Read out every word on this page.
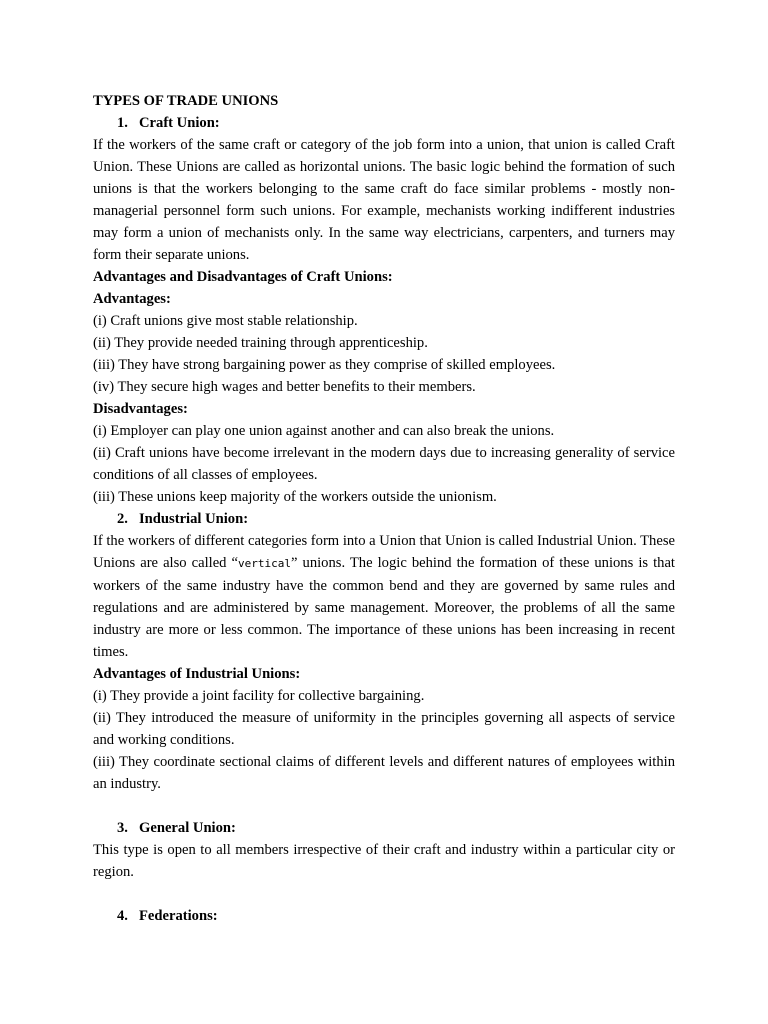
TYPES OF TRADE UNIONS

1. Craft Union:

If the workers of the same craft or category of the job form into a union, that union is called Craft Union. These Unions are called as horizontal unions. The basic logic behind the formation of such unions is that the workers belonging to the same craft do face similar problems - mostly non-managerial personnel form such unions. For example, mechanists working indifferent industries may form a union of mechanists only. In the same way electricians, carpenters, and turners may form their separate unions.

Advantages and Disadvantages of Craft Unions:

Advantages:

(i) Craft unions give most stable relationship.

(ii) They provide needed training through apprenticeship.

(iii) They have strong bargaining power as they comprise of skilled employees.

(iv) They secure high wages and better benefits to their members.

Disadvantages:

(i) Employer can play one union against another and can also break the unions.

(ii) Craft unions have become irrelevant in the modern days due to increasing generality of service conditions of all classes of employees.

(iii) These unions keep majority of the workers outside the unionism.

2. Industrial Union:

If the workers of different categories form into a Union that Union is called Industrial Union. These Unions are also called “vertical” unions. The logic behind the formation of these unions is that workers of the same industry have the common bend and they are governed by same rules and regulations and are administered by same management. Moreover, the problems of all the same industry are more or less common. The importance of these unions has been increasing in recent times.

Advantages of Industrial Unions:

(i) They provide a joint facility for collective bargaining.

(ii) They introduced the measure of uniformity in the principles governing all aspects of service and working conditions.

(iii) They coordinate sectional claims of different levels and different natures of employees within an industry.

3. General Union:

This type is open to all members irrespective of their craft and industry within a particular city or region.

4. Federations:
